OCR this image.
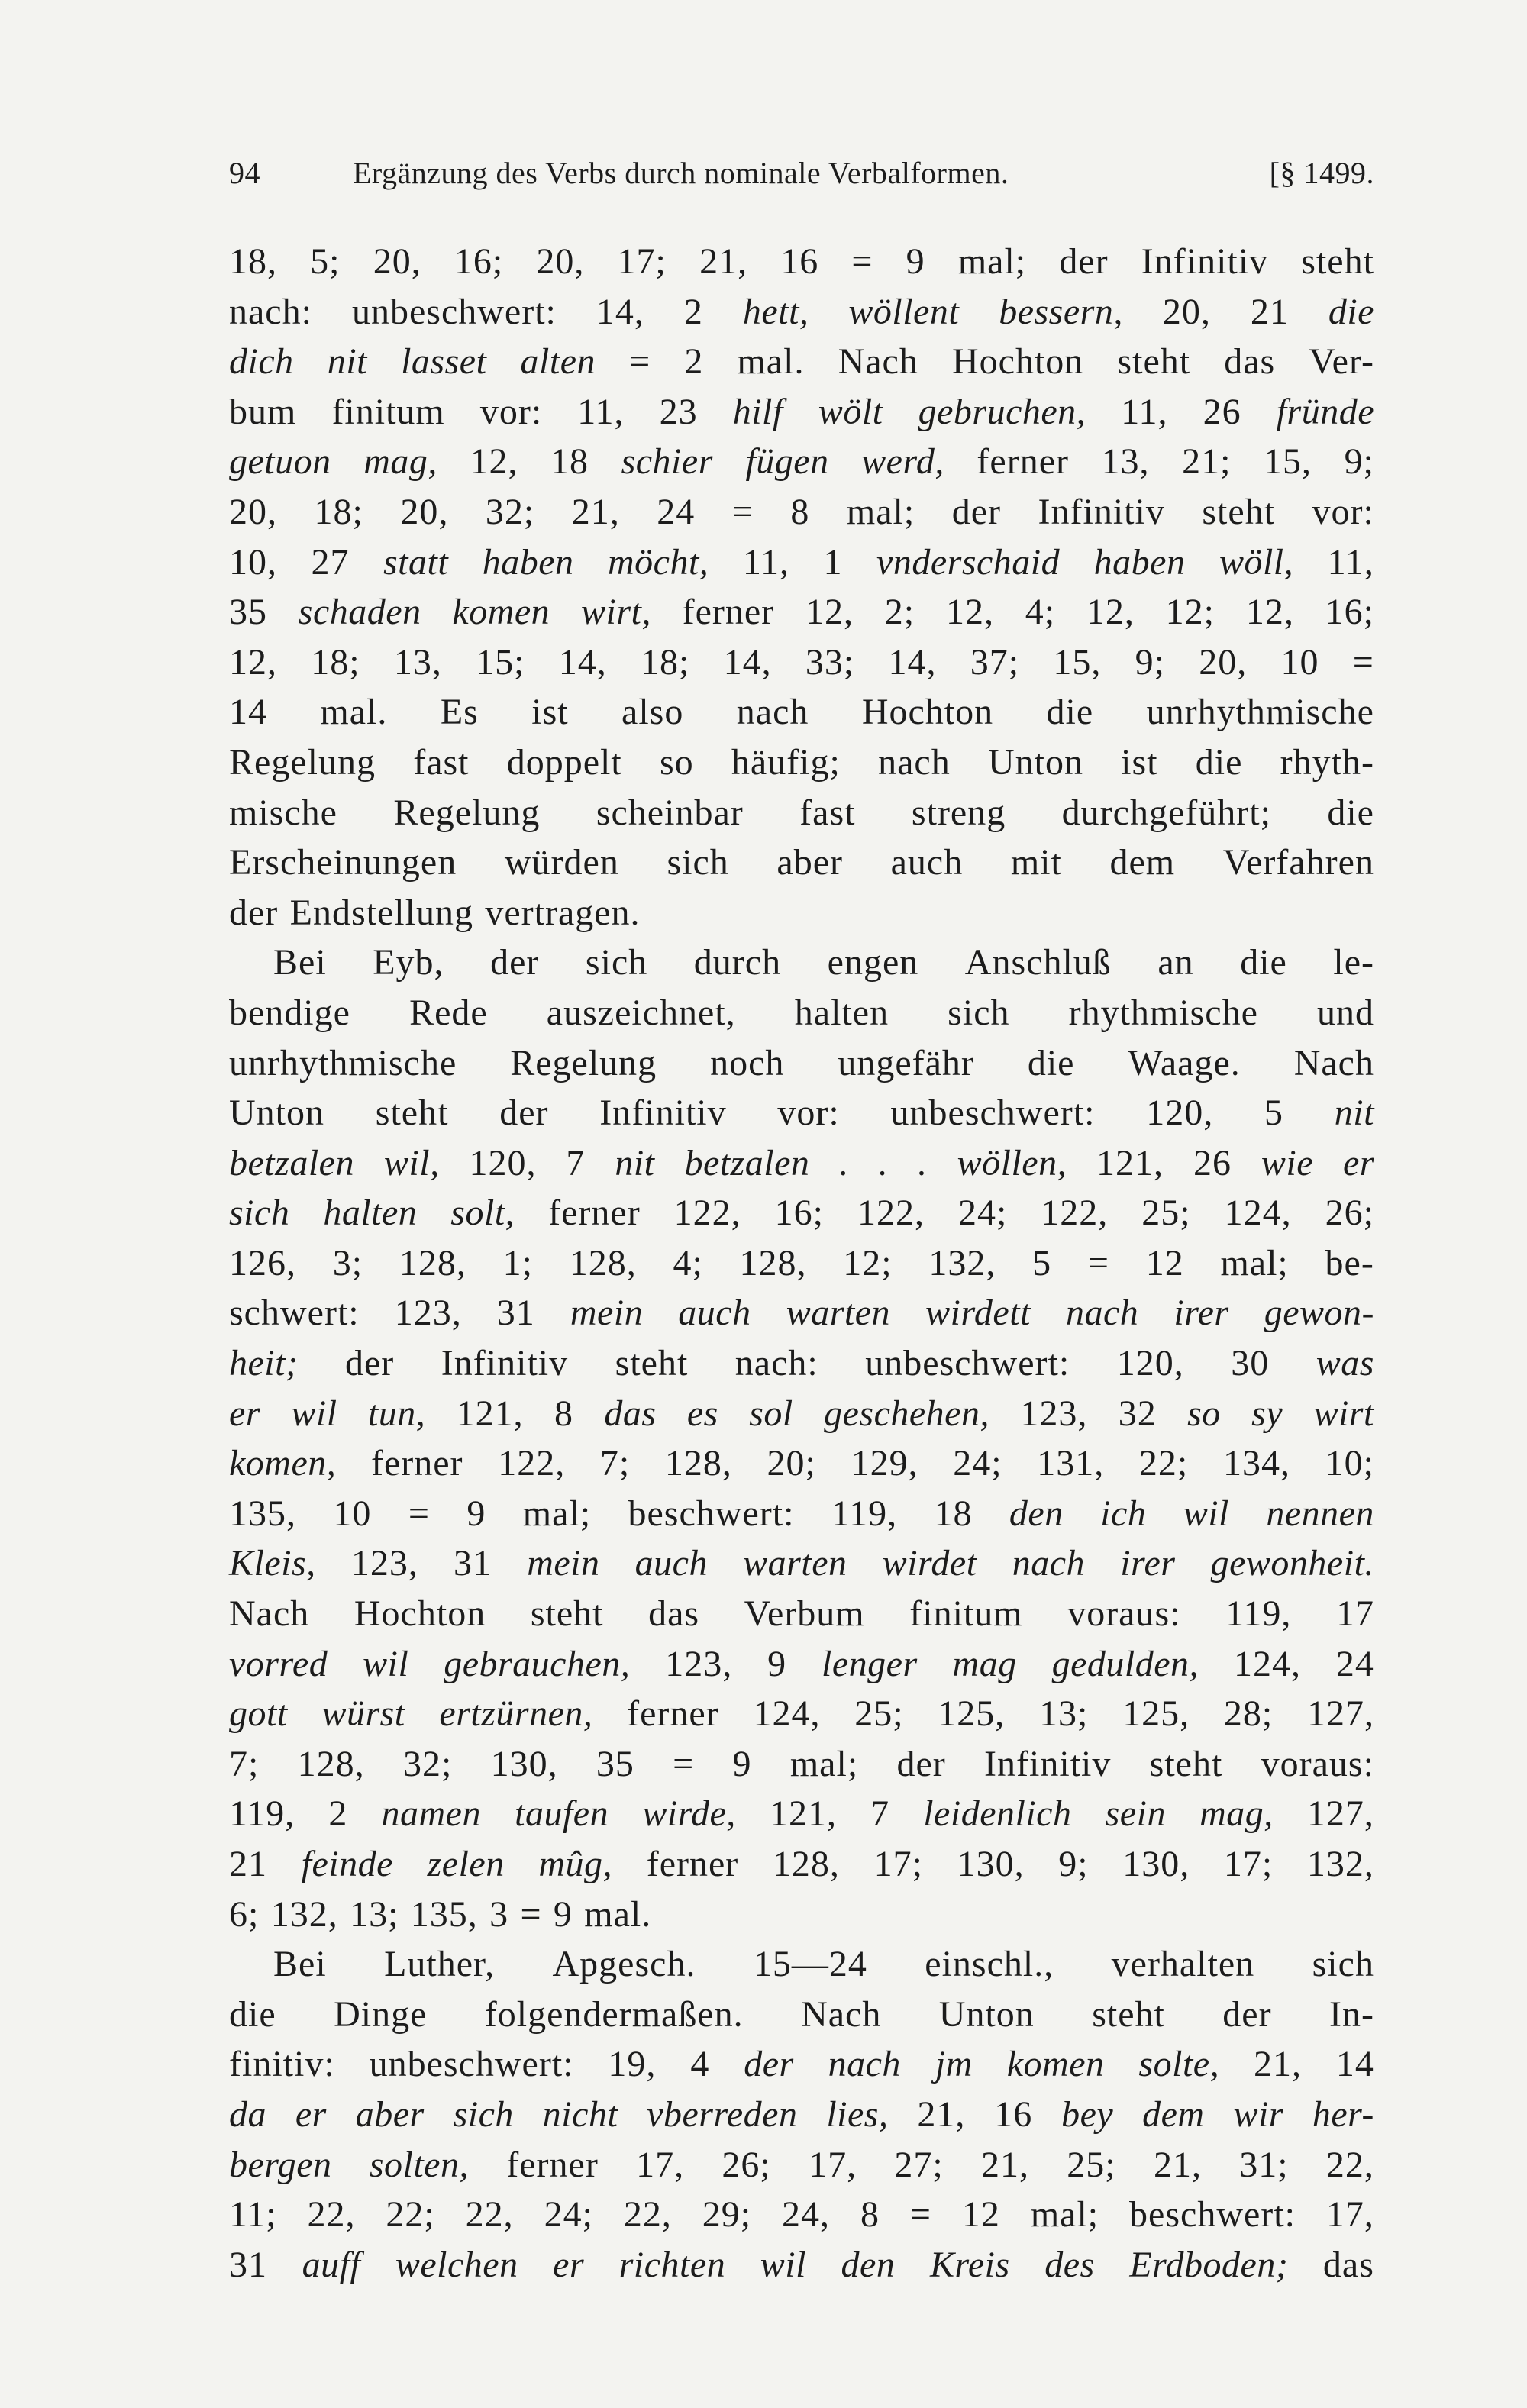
94	Ergänzung des Verbs durch nominale Verbalformen.	[§ 1499.
18, 5; 20, 16; 20, 17; 21, 16 = 9 mal; der Infinitiv steht
nach: unbeschwert: 14, 2 hett, wöllent bessern, 20, 21 die
dich nit lasset alten = 2 mal. Nach Hochton steht das Ver-
bum finitum vor: 11, 23 hilf wölt gebruchen, 11, 26 fründe
getuon mag, 12, 18 schier fügen werd, ferner 13, 21; 15, 9;
20, 18; 20, 32; 21, 24 = 8 mal; der Infinitiv steht vor:
10, 27 statt haben möcht, 11, 1 vnderschaid haben wöll, 11,
35 schaden komen wirt, ferner 12, 2; 12, 4; 12, 12; 12, 16;
12, 18; 13, 15; 14, 18; 14, 33; 14, 37; 15, 9; 20, 10 =
14 mal. Es ist also nach Hochton die unrhythmische
Regelung fast doppelt so häufig; nach Unton ist die rhyth-
mische Regelung scheinbar fast streng durchgeführt; die
Erscheinungen würden sich aber auch mit dem Verfahren
der Endstellung vertragen.
Bei Eyb, der sich durch engen Anschluß an die le-
bendige Rede auszeichnet, halten sich rhythmische und
unrhythmische Regelung noch ungefähr die Waage. Nach
Unton steht der Infinitiv vor: unbeschwert: 120, 5 nit
betzalen wil, 120, 7 nit betzalen . . . wöllen, 121, 26 wie er
sich halten solt, ferner 122, 16; 122, 24; 122, 25; 124, 26;
126, 3; 128, 1; 128, 4; 128, 12; 132, 5 = 12 mal; be-
schwert: 123, 31 mein auch warten wirdett nach irer gewon-
heit; der Infinitiv steht nach: unbeschwert: 120, 30 was
er wil tun, 121, 8 das es sol geschehen, 123, 32 so sy wirt
komen, ferner 122, 7; 128, 20; 129, 24; 131, 22; 134, 10;
135, 10 = 9 mal; beschwert: 119, 18 den ich wil nennen
Kleis, 123, 31 mein auch warten wirdet nach irer gewonheit.
Nach Hochton steht das Verbum finitum voraus: 119, 17
vorred wil gebrauchen, 123, 9 lenger mag gedulden, 124, 24
gott würst ertzürnen, ferner 124, 25; 125, 13; 125, 28; 127,
7; 128, 32; 130, 35 = 9 mal; der Infinitiv steht voraus:
119, 2 namen taufen wirde, 121, 7 leidenlich sein mag, 127,
21 feinde zelen mûg, ferner 128, 17; 130, 9; 130, 17; 132,
6; 132, 13; 135, 3 = 9 mal.
Bei Luther, Apgesch. 15—24 einschl., verhalten sich
die Dinge folgendermaßen. Nach Unton steht der In-
finitiv: unbeschwert: 19, 4 der nach jm komen solte, 21, 14
da er aber sich nicht vberreden lies, 21, 16 bey dem wir her-
bergen solten, ferner 17, 26; 17, 27; 21, 25; 21, 31; 22,
11; 22, 22; 22, 24; 22, 29; 24, 8 = 12 mal; beschwert: 17,
31 auff welchen er richten wil den Kreis des Erdboden; das
